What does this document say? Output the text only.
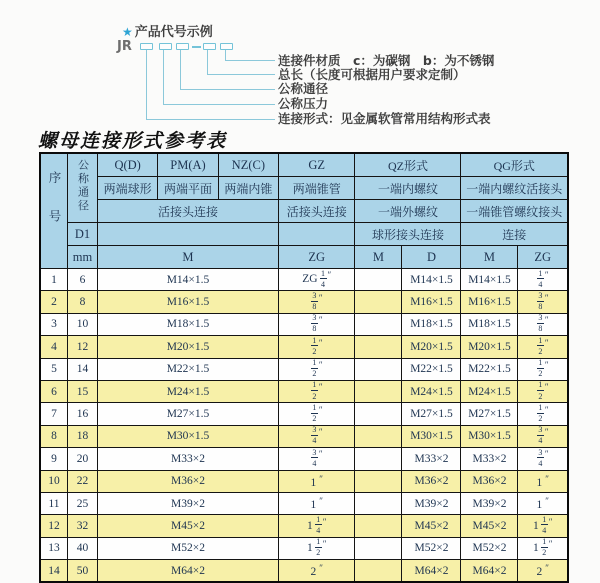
★ 产品代号示例
JR
连接件材质　c：为碳钢　b：为不锈钢
总长（长度可根据用户要求定制）
公称通径
公称压力
连接形式：见金属软管常用结构形式表
螺母连接形式参考表
序号	公称通径	Q(D)	PM(A)	NZ(C)	GZ	QZ形式		QG形式	
		两端球形	两端平面	两端内锥	两端锥管	一端内螺纹		一端内螺纹活接头	
		活接头连接			活接头连接	一端外螺纹		一端锥管螺纹接头	
	D1					球形接头连接		连接	
	mm	M			ZG	M	D	M	ZG
1	6	M14×1.5			ZG $\frac{1}{4} ''$		M14×1.5	M14×1.5	$\frac{1}{4} ''$
2	8	M16×1.5			$\frac{3}{8} ''$		M16×1.5	M16×1.5	$\frac{3}{8} ''$
3	10	M18×1.5			$\frac{3}{8} ''$		M18×1.5	M18×1.5	$\frac{3}{8} ''$
4	12	M20×1.5			$\frac{1}{2} ''$		M20×1.5	M20×1.5	$\frac{1}{2} ''$
5	14	M22×1.5			$\frac{1}{2} ''$		M22×1.5	M22×1.5	$\frac{1}{2} ''$
6	15	M24×1.5			$\frac{1}{2} ''$		M24×1.5	M24×1.5	$\frac{1}{2} ''$
7	16	M27×1.5			$\frac{1}{2} ''$		M27×1.5	M27×1.5	$\frac{1}{2} ''$
8	18	M30×1.5			$\frac{3}{4} ''$		M30×1.5	M30×1.5	$\frac{3}{4} ''$
9	20	M33×2			$\frac{3}{4} ''$		M33×2	M33×2	$\frac{3}{4} ''$
10	22	M36×2			1 ″		M36×2	M36×2	1 ″
11	25	M39×2			1 ″		M39×2	M39×2	1 ″
12	32	M45×2			$1 \frac{1}{4} ''$		M45×2	M45×2	$1 \frac{1}{4} ''$
13	40	M52×2			$1 \frac{1}{2} ''$		M52×2	M52×2	$1 \frac{1}{2} ''$
14	50	M64×2			2 ″		M64×2	M64×2	2 ″
